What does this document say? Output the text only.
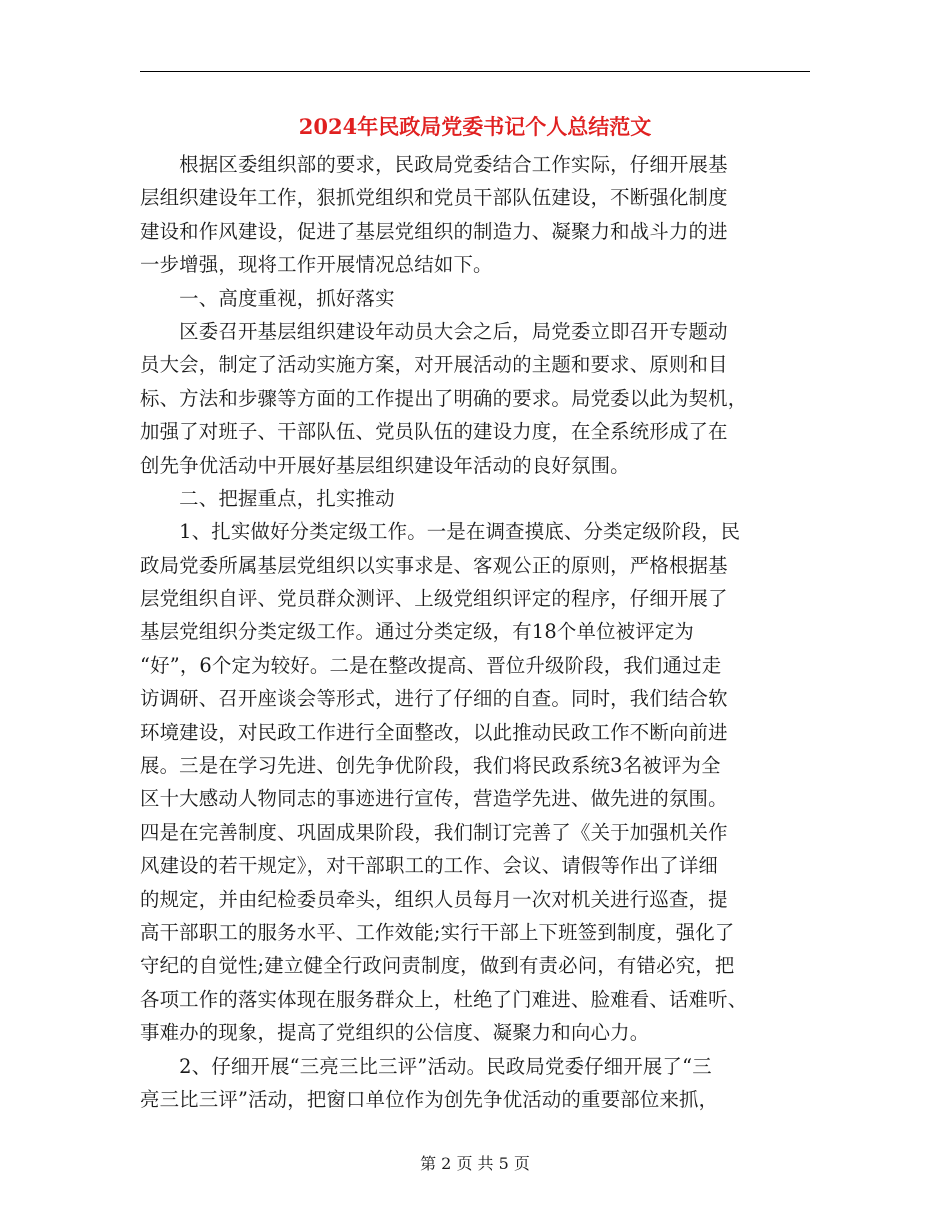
2024年民政局党委书记个人总结范文
　　根据区委组织部的要求，民政局党委结合工作实际，仔细开展基
层组织建设年工作，狠抓党组织和党员干部队伍建设，不断强化制度
建设和作风建设，促进了基层党组织的制造力、凝聚力和战斗力的进
一步增强，现将工作开展情况总结如下。
　　一、高度重视，抓好落实
　　区委召开基层组织建设年动员大会之后，局党委立即召开专题动
员大会，制定了活动实施方案，对开展活动的主题和要求、原则和目
标、方法和步骤等方面的工作提出了明确的要求。局党委以此为契机，
加强了对班子、干部队伍、党员队伍的建设力度，在全系统形成了在
创先争优活动中开展好基层组织建设年活动的良好氛围。
　　二、把握重点，扎实推动
　　1、扎实做好分类定级工作。一是在调查摸底、分类定级阶段，民
政局党委所属基层党组织以实事求是、客观公正的原则，严格根据基
层党组织自评、党员群众测评、上级党组织评定的程序，仔细开展了
基层党组织分类定级工作。通过分类定级，有18个单位被评定为
“好”，6个定为较好。二是在整改提高、晋位升级阶段，我们通过走
访调研、召开座谈会等形式，进行了仔细的自查。同时，我们结合软
环境建设，对民政工作进行全面整改，以此推动民政工作不断向前进
展。三是在学习先进、创先争优阶段，我们将民政系统3名被评为全
区十大感动人物同志的事迹进行宣传，营造学先进、做先进的氛围。
四是在完善制度、巩固成果阶段，我们制订完善了《关于加强机关作
风建设的若干规定》，对干部职工的工作、会议、请假等作出了详细
的规定，并由纪检委员牵头，组织人员每月一次对机关进行巡查，提
高干部职工的服务水平、工作效能;实行干部上下班签到制度，强化了
守纪的自觉性;建立健全行政问责制度，做到有责必问，有错必究，把
各项工作的落实体现在服务群众上，杜绝了门难进、脸难看、话难听、
事难办的现象，提高了党组织的公信度、凝聚力和向心力。
　　2、仔细开展“三亮三比三评”活动。民政局党委仔细开展了“三
亮三比三评”活动，把窗口单位作为创先争优活动的重要部位来抓，
第 2 页 共 5 页
